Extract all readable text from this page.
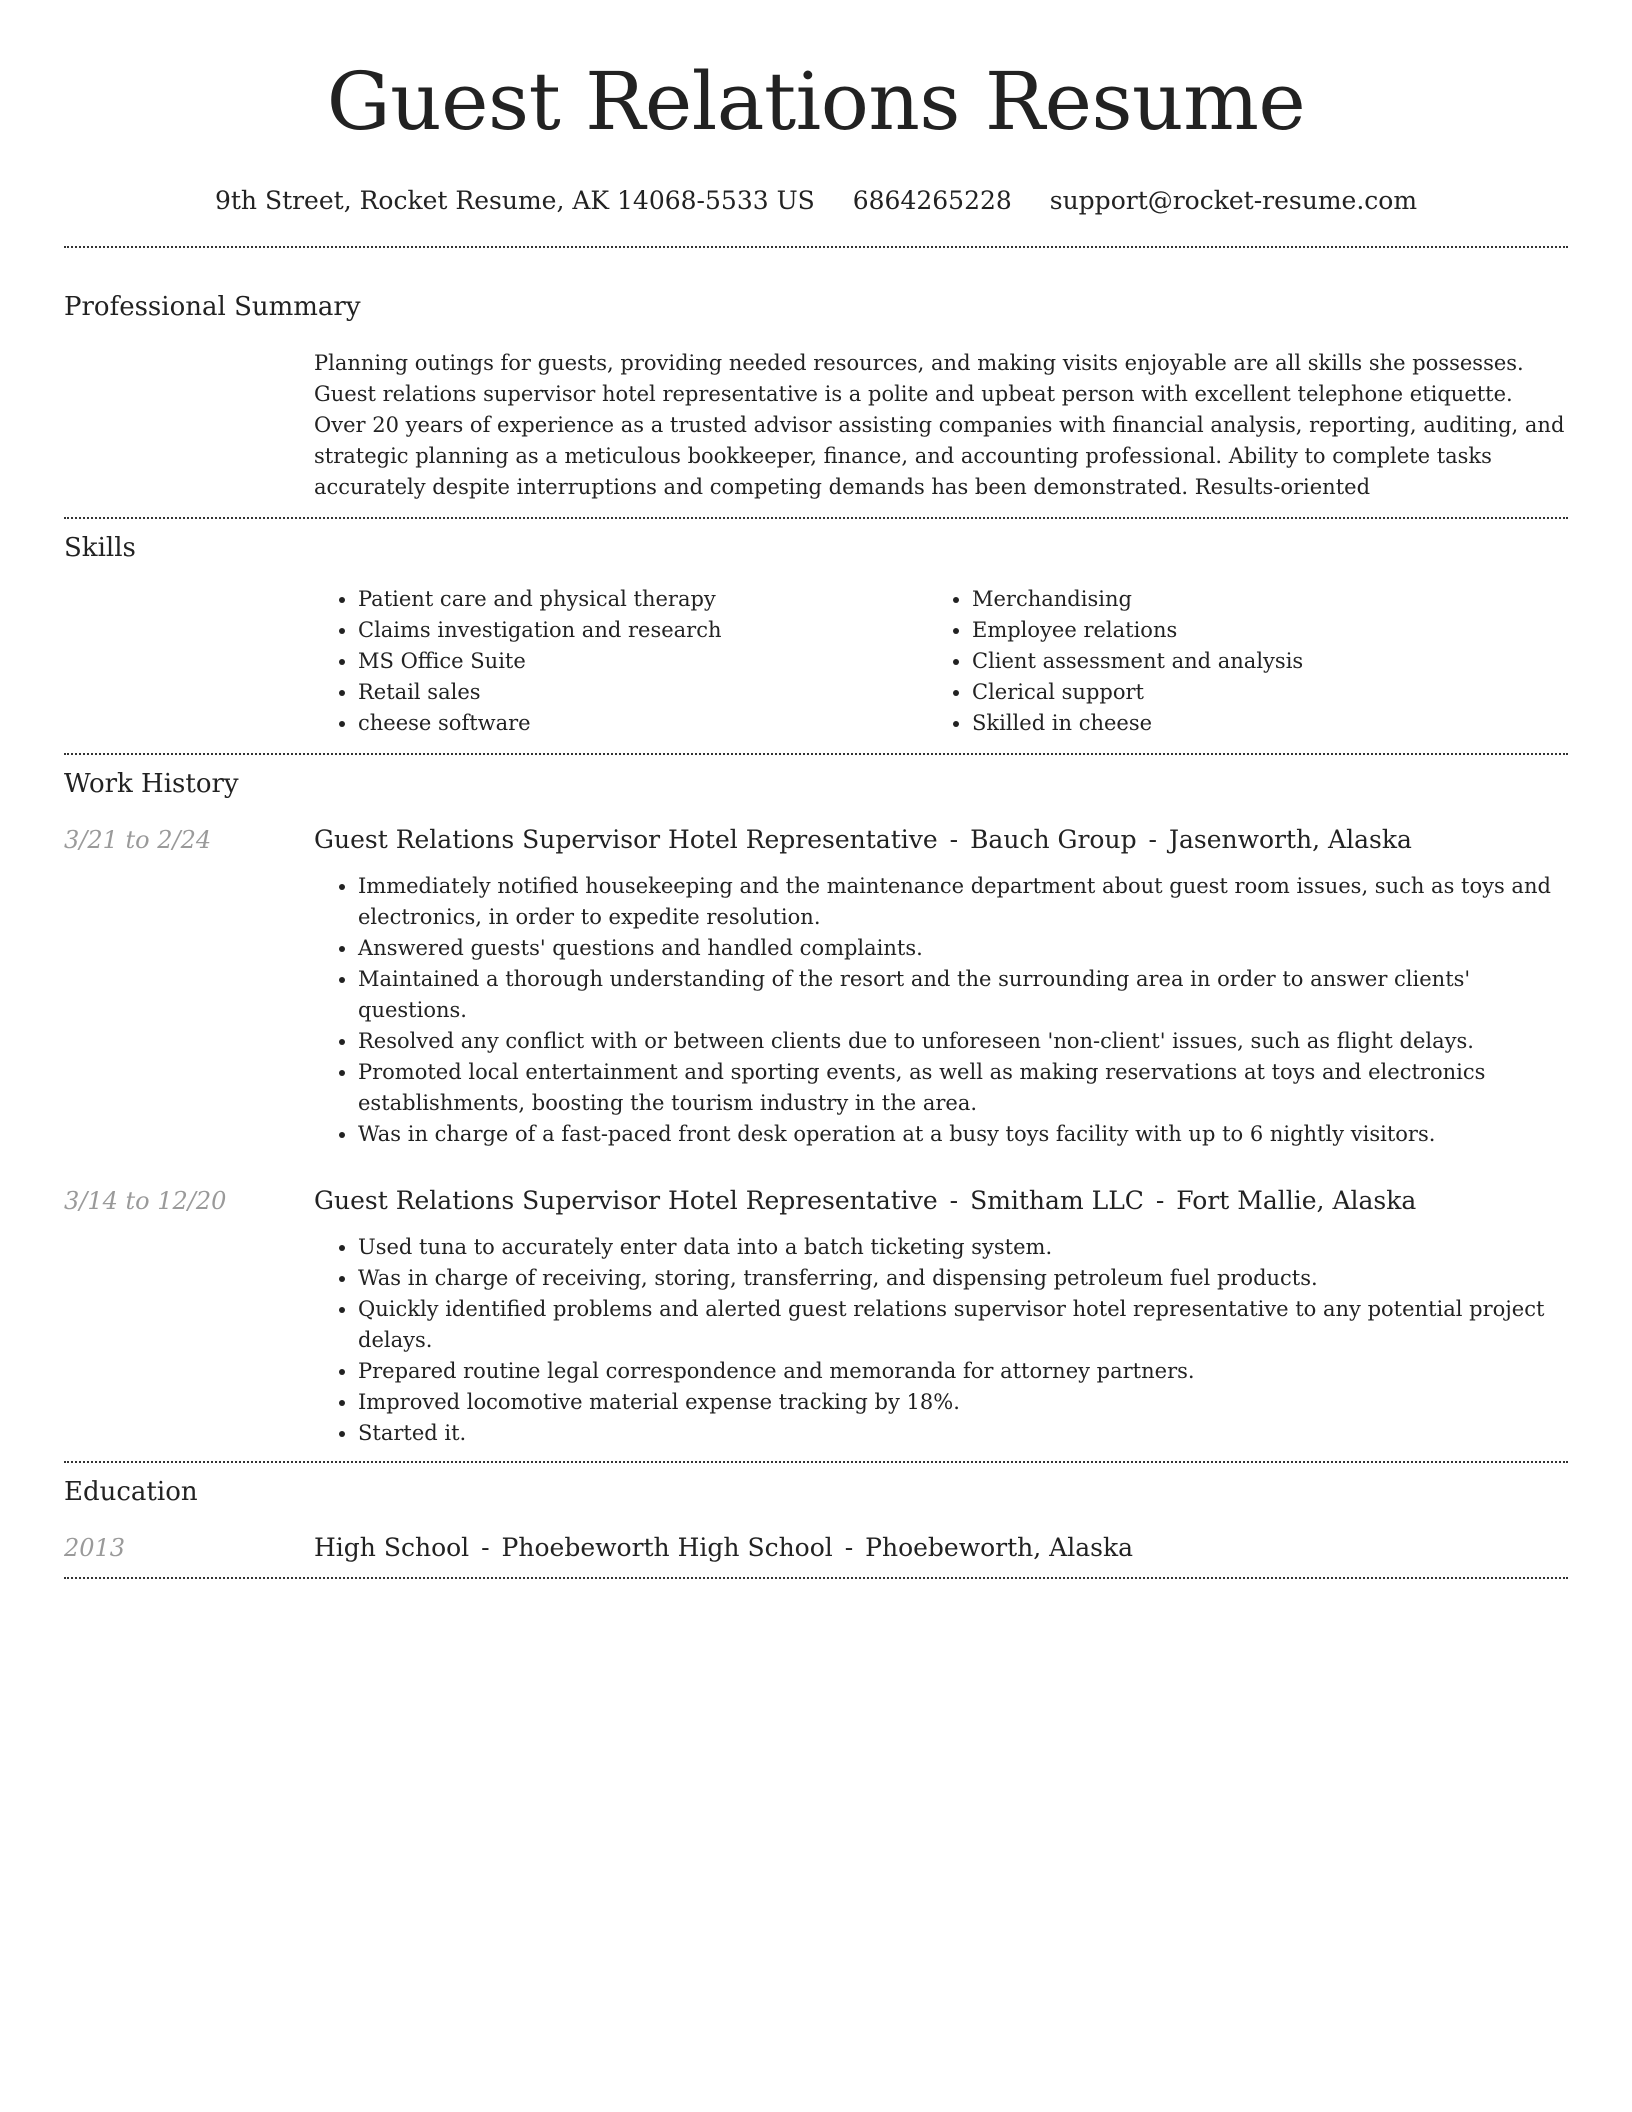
Guest Relations Resume
9th Street, Rocket Resume, AK 14068-5533 US 6864265228 support@rocket-resume.com
Professional Summary

Planning outings for guests, providing needed resources, and making visits enjoyable are all skills she possesses. Guest relations supervisor hotel representative is a polite and upbeat person with excellent telephone etiquette. Over 20 years of experience as a trusted advisor assisting companies with financial analysis, reporting, auditing, and strategic planning as a meticulous bookkeeper, finance, and accounting professional. Ability to complete tasks accurately despite interruptions and competing demands has been demonstrated. Results-oriented

Skills
• Patient care and physical therapy
• Claims investigation and research
• MS Office Suite
• Retail sales
• cheese software
• Merchandising
• Employee relations
• Client assessment and analysis
• Clerical support
• Skilled in cheese
Work History
3/21 to 2/24	Guest Relations Supervisor Hotel Representative - Bauch Group - Jasenworth, Alaska
• Immediately notified housekeeping and the maintenance department about guest room issues, such as toys and electronics, in order to expedite resolution.
• Answered guests' questions and handled complaints.
• Maintained a thorough understanding of the resort and the surrounding area in order to answer clients' questions.
• Resolved any conflict with or between clients due to unforeseen 'non-client' issues, such as flight delays.
• Promoted local entertainment and sporting events, as well as making reservations at toys and electronics establishments, boosting the tourism industry in the area.
• Was in charge of a fast-paced front desk operation at a busy toys facility with up to 6 nightly visitors.
3/14 to 12/20	Guest Relations Supervisor Hotel Representative - Smitham LLC - Fort Mallie, Alaska
• Used tuna to accurately enter data into a batch ticketing system.
• Was in charge of receiving, storing, transferring, and dispensing petroleum fuel products.
• Quickly identified problems and alerted guest relations supervisor hotel representative to any potential project delays.
• Prepared routine legal correspondence and memoranda for attorney partners.
• Improved locomotive material expense tracking by 18%.
• Started it.
Education
2013	High School - Phoebeworth High School - Phoebeworth, Alaska
